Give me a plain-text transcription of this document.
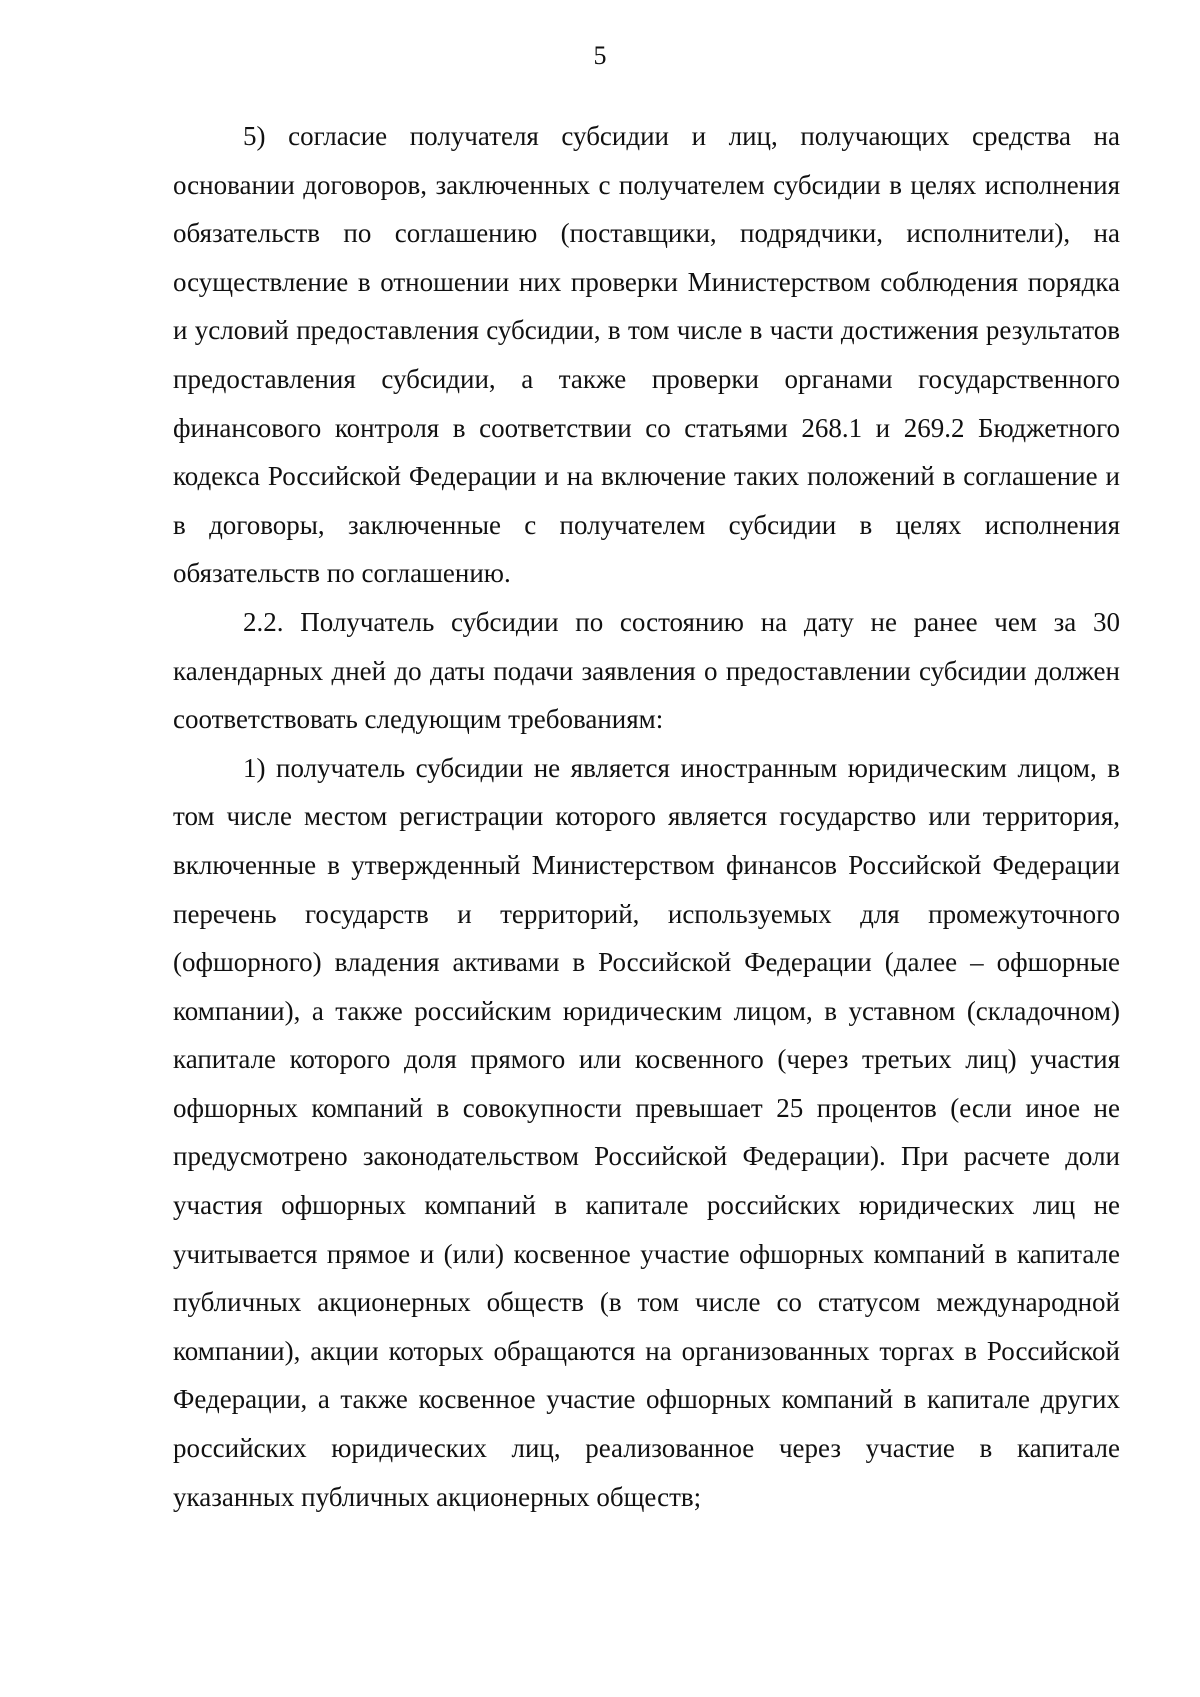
5

5) согласие получателя субсидии и лиц, получающих средства на основании договоров, заключенных с получателем субсидии в целях исполнения обязательств по соглашению (поставщики, подрядчики, исполнители), на осуществление в отношении них проверки Министерством соблюдения порядка и условий предоставления субсидии, в том числе в части достижения результатов предоставления субсидии, а также проверки органами государственного финансового контроля в соответствии со статьями 268.1 и 269.2 Бюджетного кодекса Российской Федерации и на включение таких положений в соглашение и в договоры, заключенные с получателем субсидии в целях исполнения обязательств по соглашению.

2.2. Получатель субсидии по состоянию на дату не ранее чем за 30 календарных дней до даты подачи заявления о предоставлении субсидии должен соответствовать следующим требованиям:

1) получатель субсидии не является иностранным юридическим лицом, в том числе местом регистрации которого является государство или территория, включенные в утвержденный Министерством финансов Российской Федерации перечень государств и территорий, используемых для промежуточного (офшорного) владения активами в Российской Федерации (далее – офшорные компании), а также российским юридическим лицом, в уставном (складочном) капитале которого доля прямого или косвенного (через третьих лиц) участия офшорных компаний в совокупности превышает 25 процентов (если иное не предусмотрено законодательством Российской Федерации). При расчете доли участия офшорных компаний в капитале российских юридических лиц не учитывается прямое и (или) косвенное участие офшорных компаний в капитале публичных акционерных обществ (в том числе со статусом международной компании), акции которых обращаются на организованных торгах в Российской Федерации, а также косвенное участие офшорных компаний в капитале других российских юридических лиц, реализованное через участие в капитале указанных публичных акционерных обществ;
